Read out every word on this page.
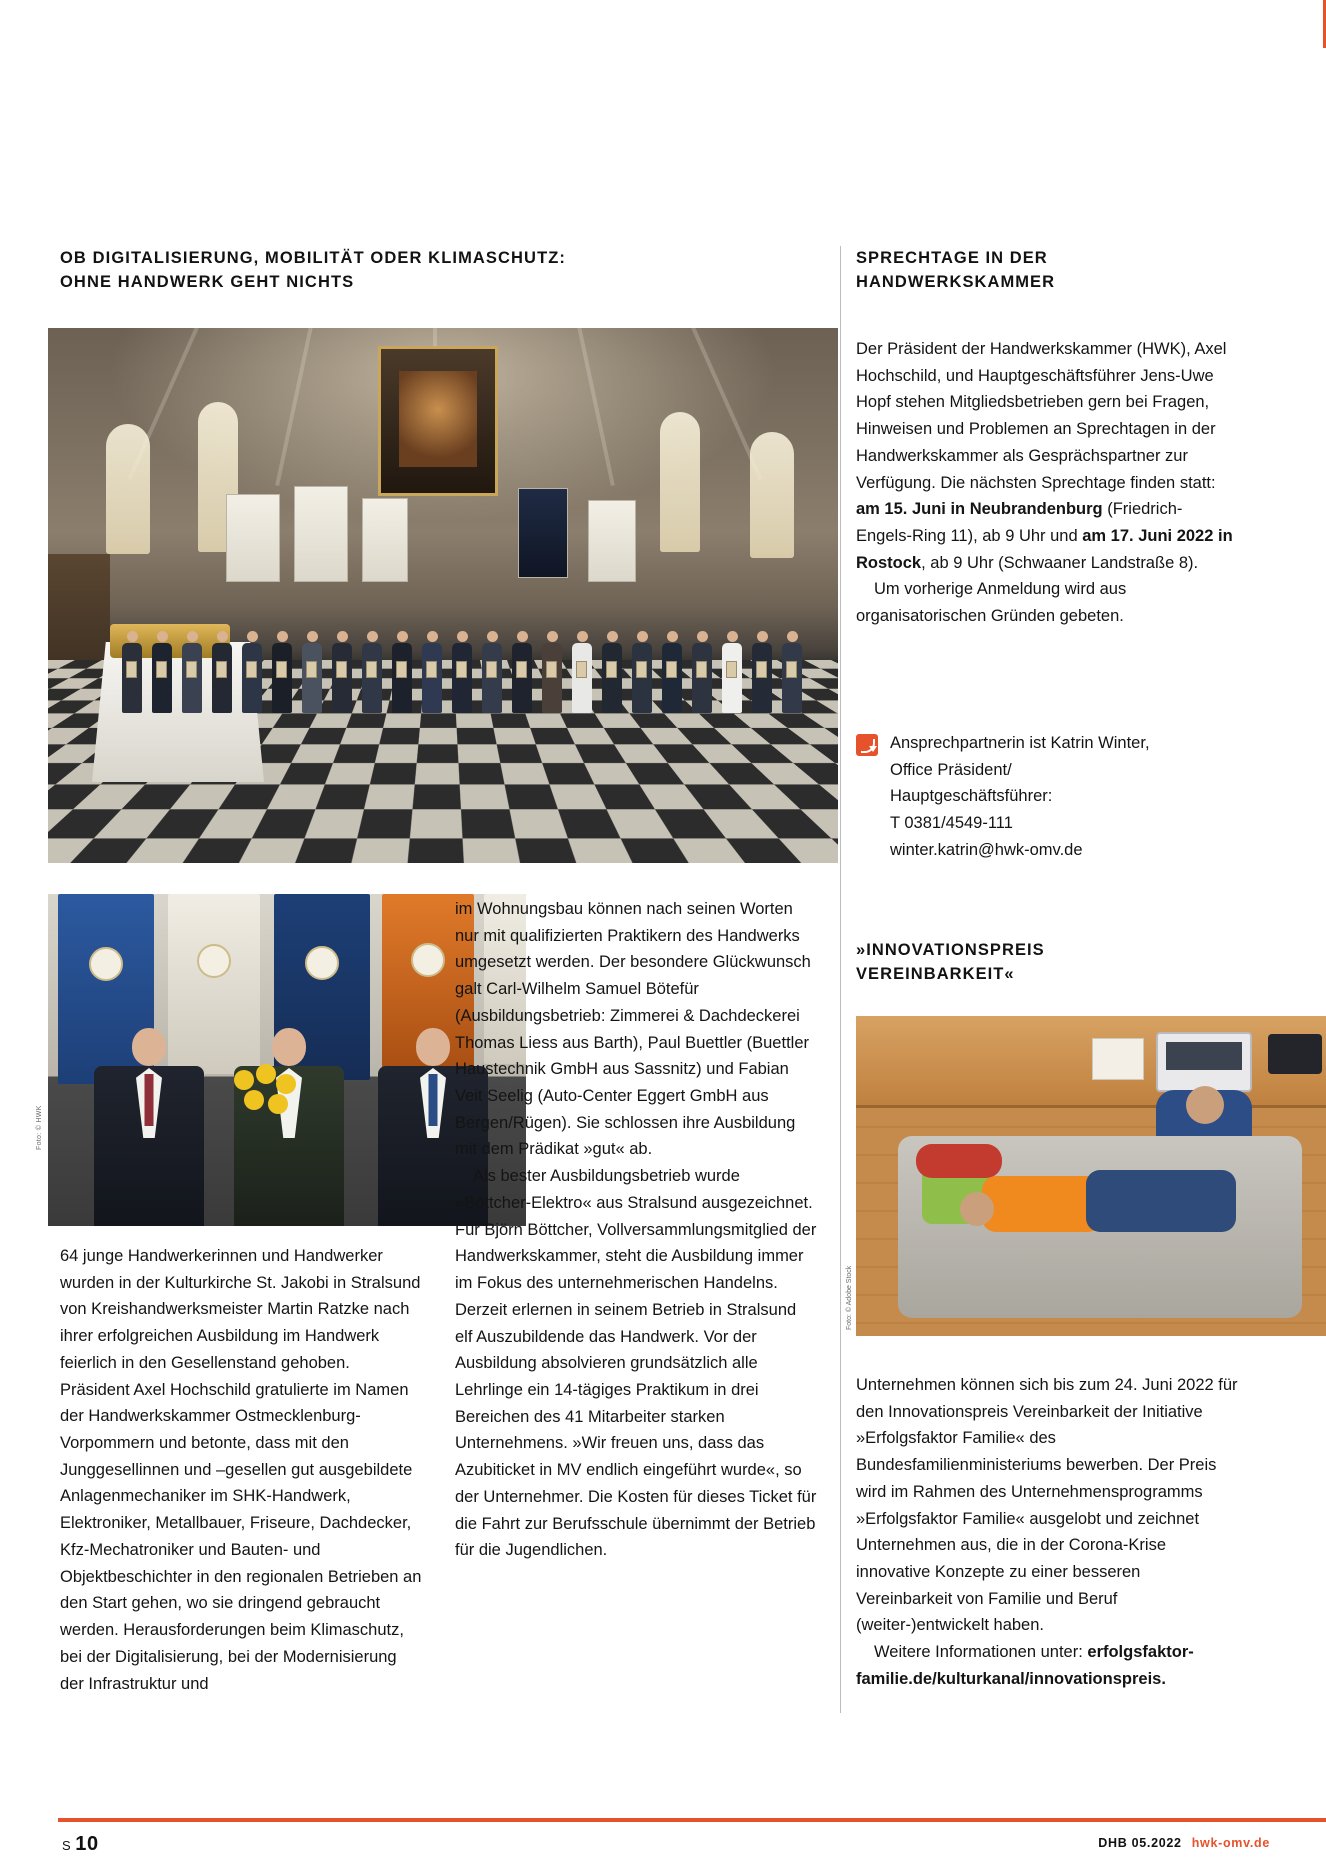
OB DIGITALISIERUNG, MOBILITÄT ODER KLIMASCHUTZ:
OHNE HANDWERK GEHT NICHTS
Foto: © HWK

64 junge Handwerkerinnen und Handwerker wurden in der Kulturkirche St. Jakobi in Stralsund von Kreishandwerksmeister Martin Ratzke nach ihrer erfolgreichen Ausbildung im Handwerk feierlich in den Gesellenstand gehoben. Präsident Axel Hochschild gratulierte im Namen der Handwerkskammer Ostmecklenburg-Vorpommern und betonte, dass mit den Junggesellinnen und –gesellen gut ausgebildete Anlagenmechaniker im SHK-Handwerk, Elektroniker, Metallbauer, Friseure, Dachdecker, Kfz-Mechatroniker und Bauten- und Objektbeschichter in den regionalen Betrieben an den Start gehen, wo sie dringend gebraucht werden. Herausforderungen beim Klimaschutz, bei der Digitalisierung, bei der Modernisierung der Infrastruktur und

im Wohnungsbau können nach seinen Worten nur mit qualifizierten Praktikern des Handwerks umgesetzt werden. Der besondere Glückwunsch galt Carl-Wilhelm Samuel Bötefür (Ausbildungsbetrieb: Zimmerei & Dachdeckerei Thomas Liess aus Barth), Paul Buettler (Buettler Haustechnik GmbH aus Sassnitz) und Fabian Veit Seelig (Auto-Center Eggert GmbH aus Bergen/Rügen). Sie schlossen ihre Ausbildung mit dem Prädikat »gut« ab.

Als bester Ausbildungsbetrieb wurde »Böttcher-Elektro« aus Stralsund ausgezeichnet. Für Björn Böttcher, Vollversammlungsmitglied der Handwerkskammer, steht die Ausbildung immer im Fokus des unternehmerischen Handelns. Derzeit erlernen in seinem Betrieb in Stralsund elf Auszubildende das Handwerk. Vor der Ausbildung absolvieren grundsätzlich alle Lehrlinge ein 14-tägiges Praktikum in drei Bereichen des 41 Mitarbeiter starken Unternehmens. »Wir freuen uns, dass das Azubiticket in MV endlich eingeführt wurde«, so der Unternehmer. Die Kosten für dieses Ticket für die Fahrt zur Berufsschule übernimmt der Betrieb für die Jugendlichen.

SPRECHTAGE IN DER
HANDWERKSKAMMER

Der Präsident der Handwerkskammer (HWK), Axel Hochschild, und Hauptgeschäftsführer Jens-Uwe Hopf stehen Mitgliedsbetrieben gern bei Fragen, Hinweisen und Problemen an Sprechtagen in der Handwerkskammer als Gesprächspartner zur Verfügung. Die nächsten Sprechtage finden statt: am 15. Juni in Neubrandenburg (Friedrich-Engels-Ring 11), ab 9 Uhr und am 17. Juni 2022 in Rostock, ab 9 Uhr (Schwaaner Landstraße 8).

Um vorherige Anmeldung wird aus organisatorischen Gründen gebeten.

Ansprechpartnerin ist Katrin Winter,
Office Präsident/
Hauptgeschäftsführer:
T 0381/4549-111
winter.katrin@hwk-omv.de
»INNOVATIONSPREIS
VEREINBARKEIT«
Foto: © Adobe Stock

Unternehmen können sich bis zum 24. Juni 2022 für den Innovationspreis Vereinbarkeit der Initiative »Erfolgsfaktor Familie« des Bundesfamilienministeriums bewerben. Der Preis wird im Rahmen des Unternehmensprogramms »Erfolgsfaktor Familie« ausgelobt und zeichnet Unternehmen aus, die in der Corona-Krise innovative Konzepte zu einer besseren Vereinbarkeit von Familie und Beruf (weiter-)entwickelt haben.

Weitere Informationen unter: erfolgsfaktor-familie.de/kulturkanal/innovationspreis.

S 10	DHB 05.2022 hwk-omv.de
